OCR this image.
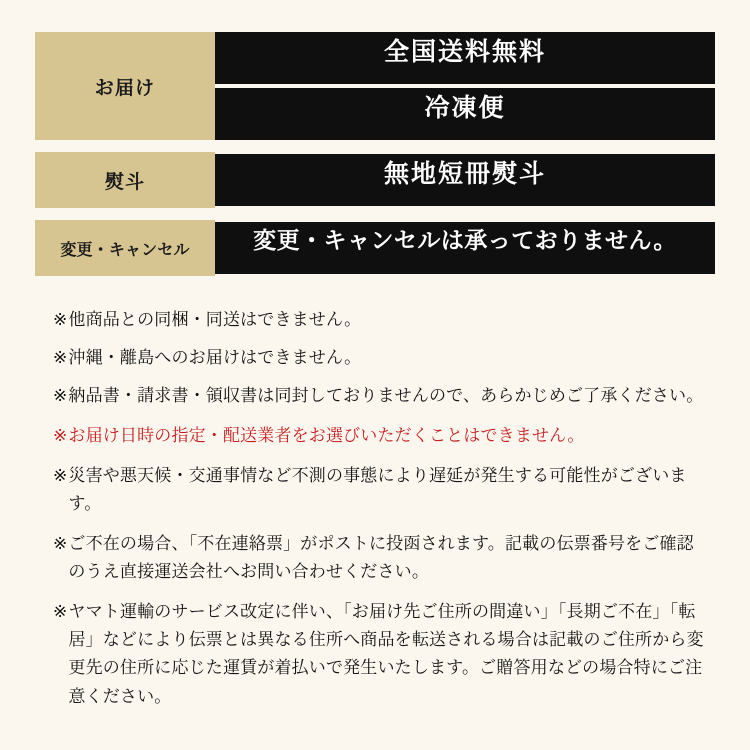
お届け	全国送料無料
冷凍便

熨斗	無地短冊熨斗

変更・キャンセル	変更・キャンセルは承っておりません。
※ 他商品との同梱・同送はできません。
※ 沖縄・離島へのお届けはできません。
※ 納品書・請求書・領収書は同封しておりませんので、あらかじめご了承ください。
※ お届け日時の指定・配送業者をお選びいただくことはできません。
※ 災害や悪天候・交通事情など不測の事態により遅延が発生する可能性がございます。
※ ご不在の場合、「不在連絡票」がポストに投函されます。記載の伝票番号をご確認のうえ直接運送会社へお問い合わせください。
※ ヤマト運輸のサービス改定に伴い、「お届け先ご住所の間違い」「長期ご不在」「転居」などにより伝票とは異なる住所へ商品を転送される場合は記載のご住所から変更先の住所に応じた運賃が着払いで発生いたします。ご贈答用などの場合特にご注意ください。
